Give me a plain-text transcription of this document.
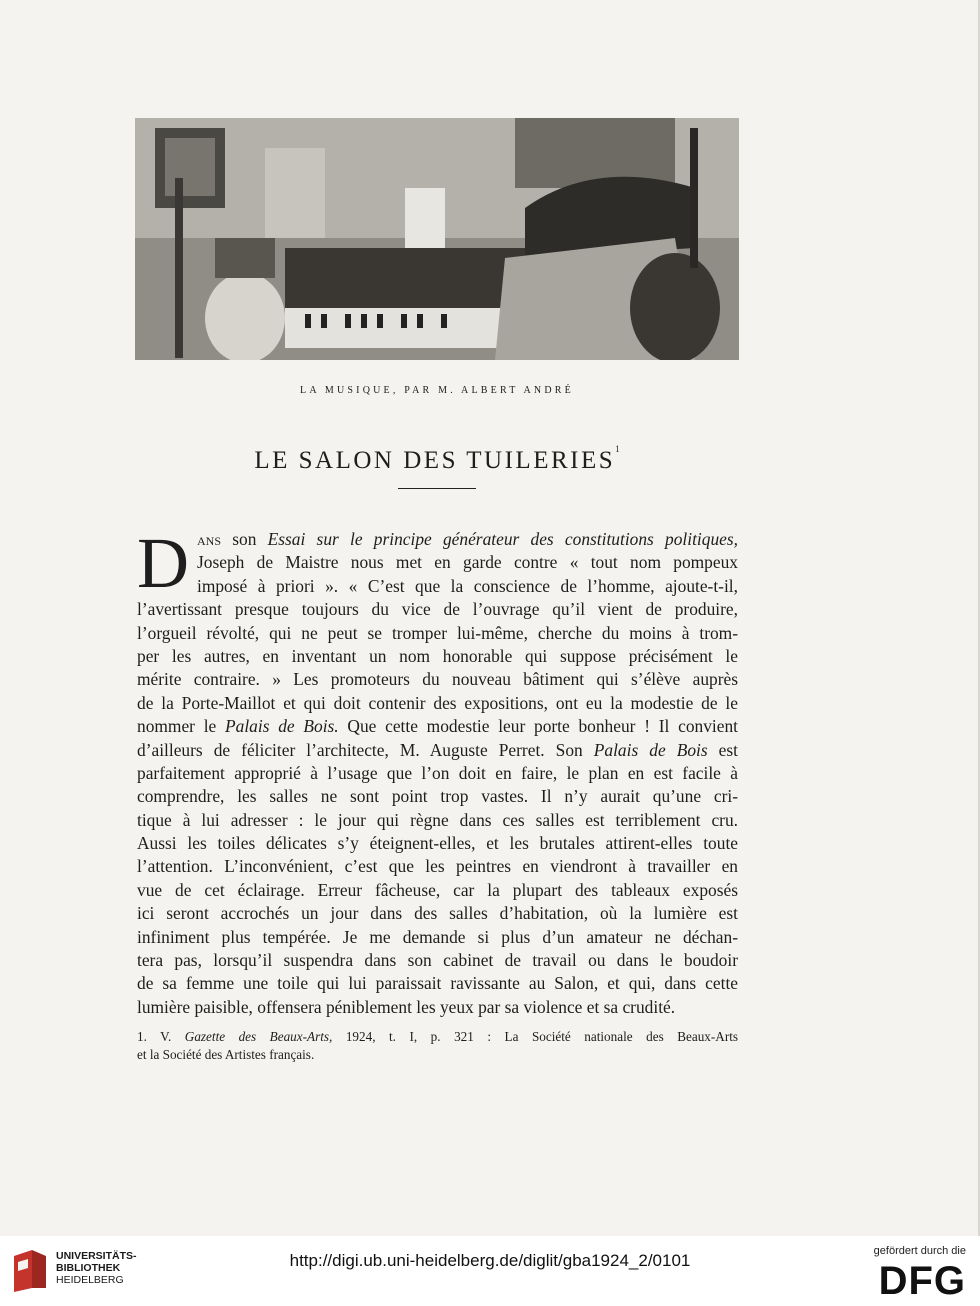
LA MUSIQUE, PAR M. ALBERT ANDRÉ
LE SALON DES TUILERIES$^1$
D ans son Essai sur le principe générateur des constitutions politiques,
Joseph de Maistre nous met en garde contre « tout nom pompeux
imposé à priori ». « C’est que la conscience de l’homme, ajoute-t-il,
l’avertissant presque toujours du vice de l’ouvrage qu’il vient de produire,
l’orgueil révolté, qui ne peut se tromper lui-même, cherche du moins à trom-
per les autres, en inventant un nom honorable qui suppose précisément le
mérite contraire. » Les promoteurs du nouveau bâtiment qui s’élève auprès
de la Porte-Maillot et qui doit contenir des expositions, ont eu la modestie de le
nommer le Palais de Bois. Que cette modestie leur porte bonheur ! Il convient
d’ailleurs de féliciter l’architecte, M. Auguste Perret. Son Palais de Bois est
parfaitement approprié à l’usage que l’on doit en faire, le plan en est facile à
comprendre, les salles ne sont point trop vastes. Il n’y aurait qu’une cri-
tique à lui adresser : le jour qui règne dans ces salles est terriblement cru.
Aussi les toiles délicates s’y éteignent-elles, et les brutales attirent-elles toute
l’attention. L’inconvénient, c’est que les peintres en viendront à travailler en
vue de cet éclairage. Erreur fâcheuse, car la plupart des tableaux exposés
ici seront accrochés un jour dans des salles d’habitation, où la lumière est
infiniment plus tempérée. Je me demande si plus d’un amateur ne déchan-
tera pas, lorsqu’il suspendra dans son cabinet de travail ou dans le boudoir
de sa femme une toile qui lui paraissait ravissante au Salon, et qui, dans cette
lumière paisible, offensera péniblement les yeux par sa violence et sa crudité.
1. V. Gazette des Beaux-Arts, 1924, t. I, p. 321 : La Société nationale des Beaux-Arts
et la Société des Artistes français.
UNIVERSITÄTS-
BIBLIOTHEK
HEIDELBERG
http://digi.ub.uni-heidelberg.de/diglit/gba1924_2/0101	gefördert durch die
DFG
